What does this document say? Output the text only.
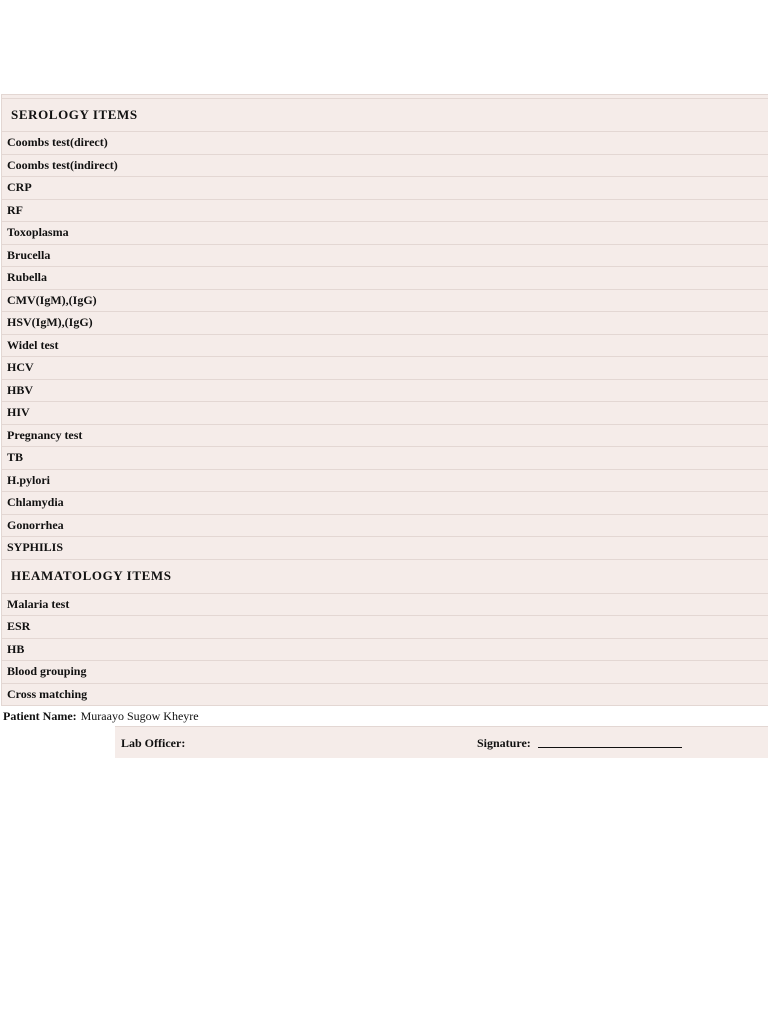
SEROLOGY ITEMS
Coombs test(direct)
Coombs test(indirect)
CRP
RF
Toxoplasma
Brucella
Rubella
CMV(IgM),(IgG)
HSV(IgM),(IgG)
Widel test
HCV
HBV
HIV
Pregnancy test
TB
H.pylori
Chlamydia
Gonorrhea
SYPHILIS
HEAMATOLOGY ITEMS
Malaria test
ESR
HB
Blood grouping
Cross matching
Patient Name: Muraayo Sugow Kheyre
Lab Officer:	Signature:
